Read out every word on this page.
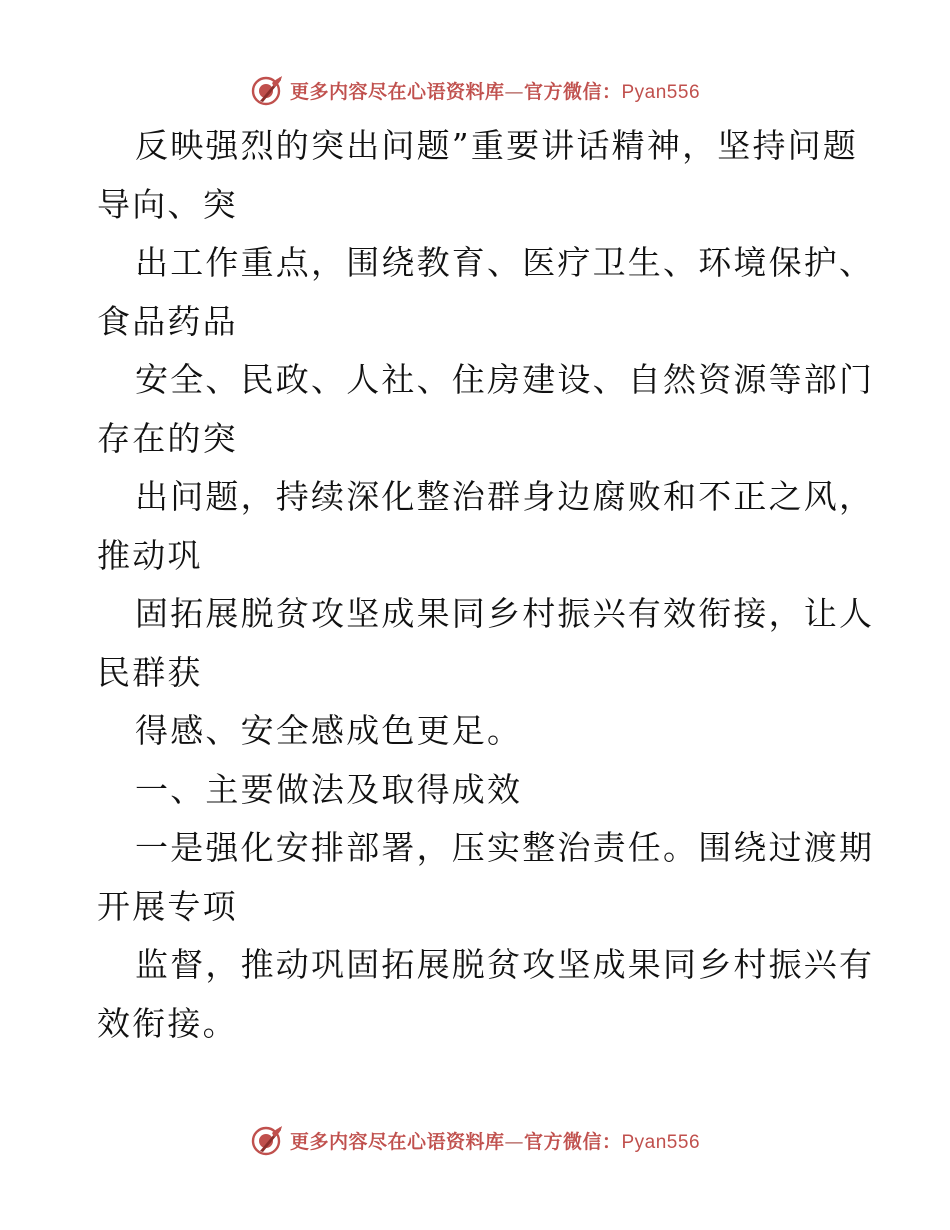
更多内容尽在心语资料库—官方微信：Pyan556
反映强烈的突出问题”重要讲话精神，坚持问题
导向、突
出工作重点，围绕教育、医疗卫生、环境保护、
食品药品
安全、民政、人社、住房建设、自然资源等部门
存在的突
出问题，持续深化整治群身边腐败和不正之风，
推动巩
固拓展脱贫攻坚成果同乡村振兴有效衔接，让人
民群获
得感、安全感成色更足。
一、主要做法及取得成效
一是强化安排部署，压实整治责任。围绕过渡期
开展专项
监督，推动巩固拓展脱贫攻坚成果同乡村振兴有
效衔接。
更多内容尽在心语资料库—官方微信：Pyan556
